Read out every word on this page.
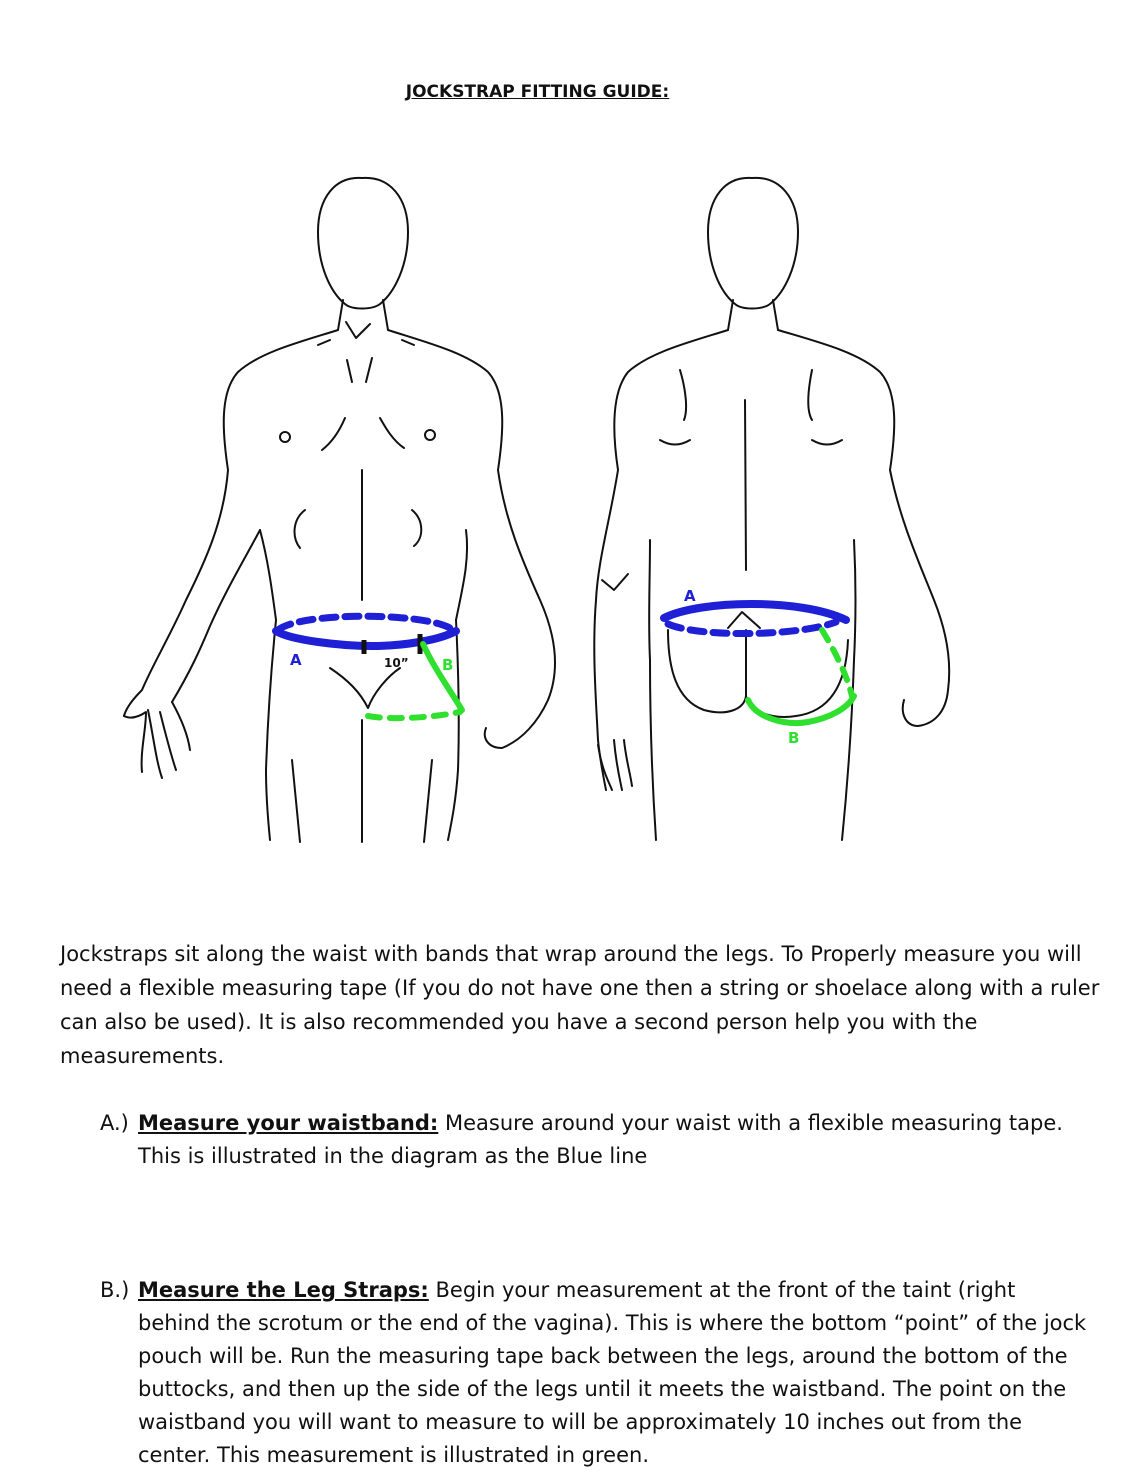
JOCKSTRAP FITTING GUIDE:
A	B
10”
A
B
Jockstraps sit along the waist with bands that wrap around the legs. To Properly measure you will need a flexible measuring tape (If you do not have one then a string or shoelace along with a ruler can also be used). It is also recommended you have a second person help you with the measurements.
A.) Measure your waistband: Measure around your waist with a flexible measuring tape. This is illustrated in the diagram as the Blue line
B.) Measure the Leg Straps: Begin your measurement at the front of the taint (right behind the scrotum or the end of the vagina). This is where the bottom “point” of the jock pouch will be. Run the measuring tape back between the legs, around the bottom of the buttocks, and then up the side of the legs until it meets the waistband. The point on the waistband you will want to measure to will be approximately 10 inches out from the center. This measurement is illustrated in green.
